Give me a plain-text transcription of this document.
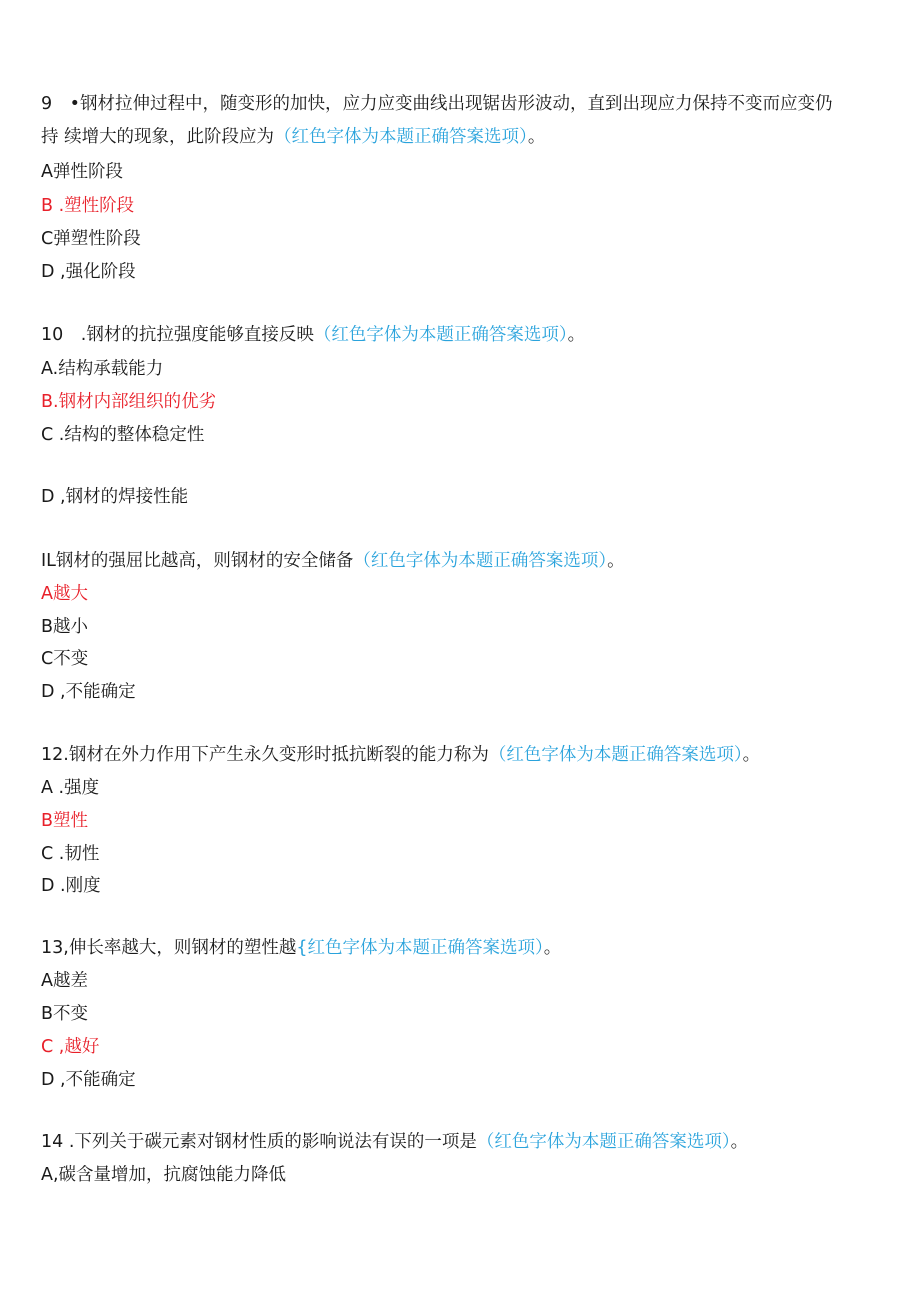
9　•钢材拉伸过程中，随变形的加快，应力应变曲线出现锯齿形波动，直到出现应力保持不变而应变仍
持 续增大的现象，此阶段应为（红色字体为本题正确答案选项）。
A弹性阶段
B .塑性阶段
C弹塑性阶段
D ,强化阶段
10　.钢材的抗拉强度能够直接反映（红色字体为本题正确答案选项）。
A.结构承载能力
B.钢材内部组织的优劣
C .结构的整体稳定性
D ,钢材的焊接性能
IL钢材的强屈比越高，则钢材的安全储备（红色字体为本题正确答案选项）。
A越大
B越小
C不变
D ,不能确定
12.钢材在外力作用下产生永久变形时抵抗断裂的能力称为（红色字体为本题正确答案选项）。
A .强度
B塑性
C .韧性
D .刚度
13,伸长率越大，则钢材的塑性越{红色字体为本题正确答案选项）。
A越差
B不变
C ,越好
D ,不能确定
14 .下列关于碳元素对钢材性质的影响说法有误的一项是（红色字体为本题正确答案选项）。
A,碳含量增加，抗腐蚀能力降低
